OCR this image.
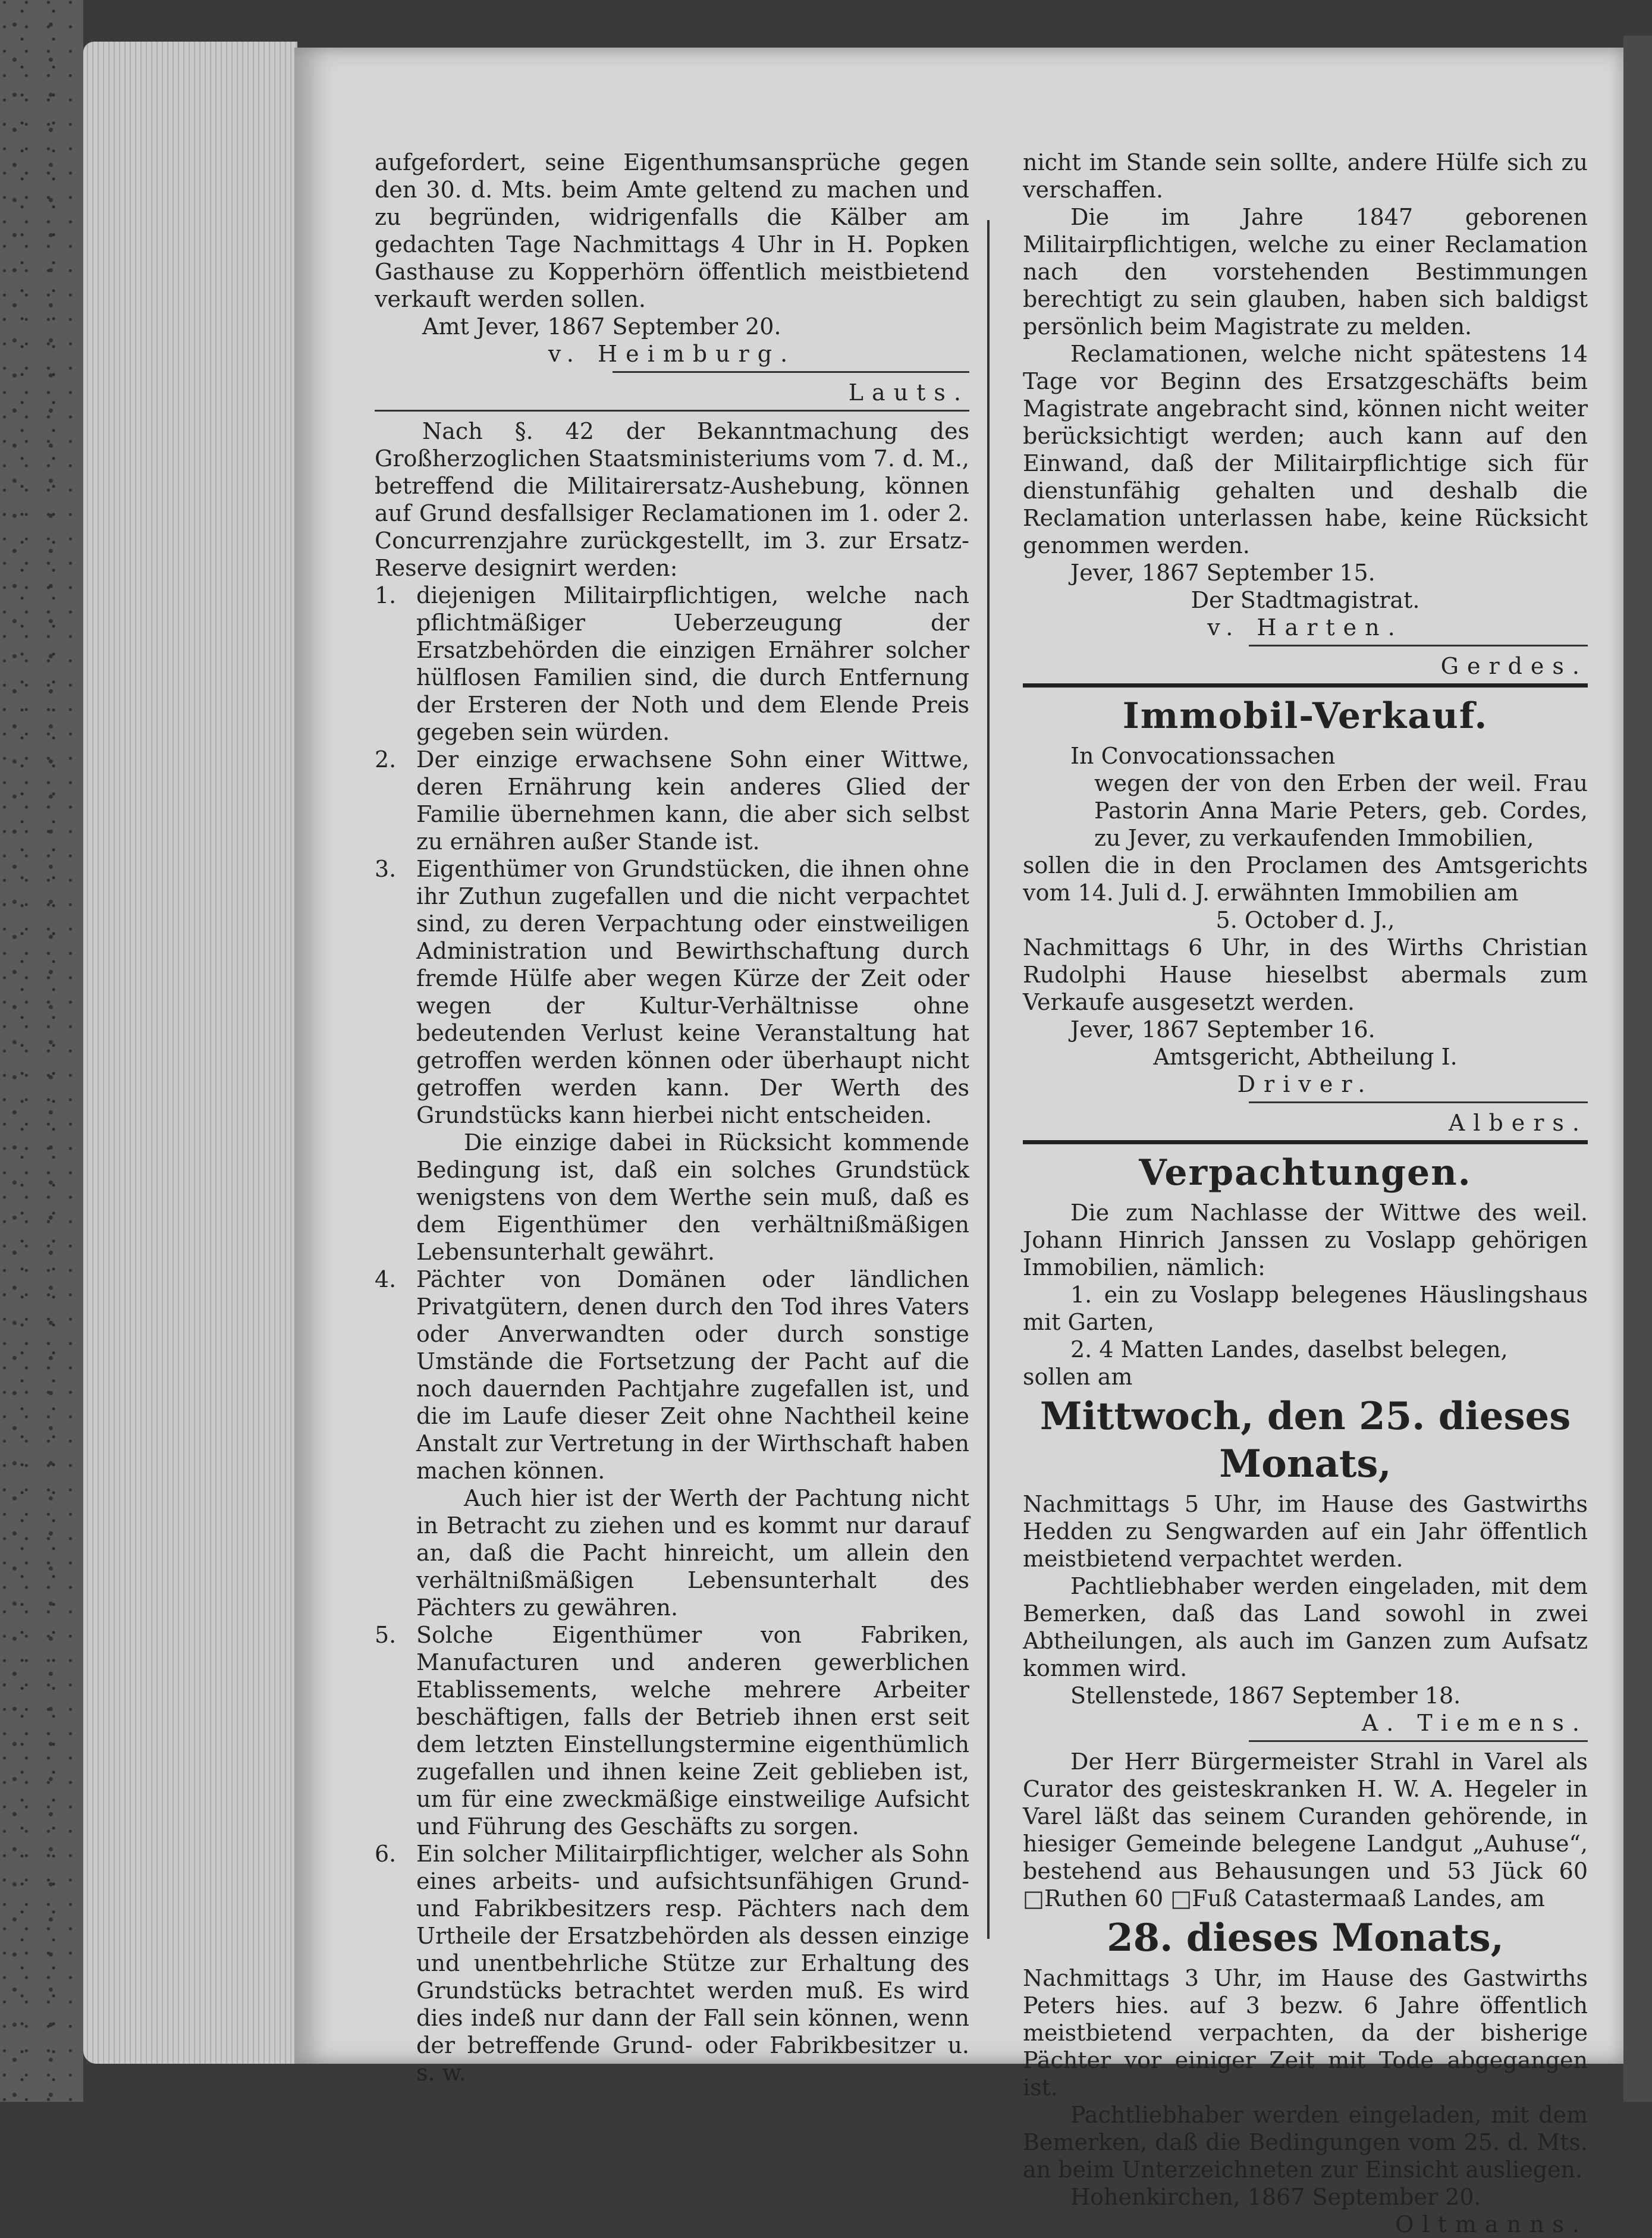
aufgefordert, seine Eigenthumsansprüche gegen den 30. d. Mts. beim Amte geltend zu machen und zu begründen, widrigenfalls die Kälber am gedachten Tage Nachmittags 4 Uhr in H. Popken Gasthause zu Kopperhörn öffentlich meistbietend verkauft werden sollen.

Amt Jever, 1867 September 20.

v. Heimburg.

Lauts.

Nach §. 42 der Bekanntmachung des Großherzoglichen Staatsministeriums vom 7. d. M., betreffend die Militairersatz-Aushebung, können auf Grund desfallsiger Reclamationen im 1. oder 2. Concurrenzjahre zurückgestellt, im 3. zur Ersatz-Reserve designirt werden:

1. diejenigen Militairpflichtigen, welche nach pflichtmäßiger Ueberzeugung der Ersatzbehörden die einzigen Ernährer solcher hülflosen Familien sind, die durch Entfernung der Ersteren der Noth und dem Elende Preis gegeben sein würden.
2. Der einzige erwachsene Sohn einer Wittwe, deren Ernährung kein anderes Glied der Familie übernehmen kann, die aber sich selbst zu ernähren außer Stande ist.
3. Eigenthümer von Grundstücken, die ihnen ohne ihr Zuthun zugefallen und die nicht verpachtet sind, zu deren Verpachtung oder einstweiligen Administration und Bewirthschaftung durch fremde Hülfe aber wegen Kürze der Zeit oder wegen der Kultur-Verhältnisse ohne bedeutenden Verlust keine Veranstaltung hat getroffen werden können oder überhaupt nicht getroffen werden kann. Der Werth des Grundstücks kann hierbei nicht entscheiden.
Die einzige dabei in Rücksicht kommende Bedingung ist, daß ein solches Grundstück wenigstens von dem Werthe sein muß, daß es dem Eigenthümer den verhältnißmäßigen Lebensunterhalt gewährt.
4. Pächter von Domänen oder ländlichen Privatgütern, denen durch den Tod ihres Vaters oder Anverwandten oder durch sonstige Umstände die Fortsetzung der Pacht auf die noch dauernden Pachtjahre zugefallen ist, und die im Laufe dieser Zeit ohne Nachtheil keine Anstalt zur Vertretung in der Wirthschaft haben machen können.
Auch hier ist der Werth der Pachtung nicht in Betracht zu ziehen und es kommt nur darauf an, daß die Pacht hinreicht, um allein den verhältnißmäßigen Lebensunterhalt des Pächters zu gewähren.
5. Solche Eigenthümer von Fabriken, Manufacturen und anderen gewerblichen Etablissements, welche mehrere Arbeiter beschäftigen, falls der Betrieb ihnen erst seit dem letzten Einstellungstermine eigenthümlich zugefallen und ihnen keine Zeit geblieben ist, um für eine zweckmäßige einstweilige Aufsicht und Führung des Geschäfts zu sorgen.
6. Ein solcher Militairpflichtiger, welcher als Sohn eines arbeits- und aufsichtsunfähigen Grund- und Fabrikbesitzers resp. Pächters nach dem Urtheile der Ersatzbehörden als dessen einzige und unentbehrliche Stütze zur Erhaltung des Grundstücks betrachtet werden muß. Es wird dies indeß nur dann der Fall sein können, wenn der betreffende Grund- oder Fabrikbesitzer u. s. w.

nicht im Stande sein sollte, andere Hülfe sich zu verschaffen.

Die im Jahre 1847 geborenen Militairpflichtigen, welche zu einer Reclamation nach den vorstehenden Bestimmungen berechtigt zu sein glauben, haben sich baldigst persönlich beim Magistrate zu melden.

Reclamationen, welche nicht spätestens 14 Tage vor Beginn des Ersatzgeschäfts beim Magistrate angebracht sind, können nicht weiter berücksichtigt werden; auch kann auf den Einwand, daß der Militairpflichtige sich für dienstunfähig gehalten und deshalb die Reclamation unterlassen habe, keine Rücksicht genommen werden.

Jever, 1867 September 15.

Der Stadtmagistrat.

v. Harten.

Gerdes.

Immobil-Verkauf.

In Convocationssachen

wegen der von den Erben der weil. Frau Pastorin Anna Marie Peters, geb. Cordes, zu Jever, zu verkaufenden Immobilien,

sollen die in den Proclamen des Amtsgerichts vom 14. Juli d. J. erwähnten Immobilien am

5. October d. J.,

Nachmittags 6 Uhr, in des Wirths Christian Rudolphi Hause hieselbst abermals zum Verkaufe ausgesetzt werden.

Jever, 1867 September 16.

Amtsgericht, Abtheilung I.

Driver.

Albers.

Verpachtungen.

Die zum Nachlasse der Wittwe des weil. Johann Hinrich Janssen zu Voslapp gehörigen Immobilien, nämlich:

1. ein zu Voslapp belegenes Häuslingshaus mit Garten,

2. 4 Matten Landes, daselbst belegen,

sollen am

Mittwoch, den 25. dieses Monats,

Nachmittags 5 Uhr, im Hause des Gastwirths Hedden zu Sengwarden auf ein Jahr öffentlich meistbietend verpachtet werden.

Pachtliebhaber werden eingeladen, mit dem Bemerken, daß das Land sowohl in zwei Abtheilungen, als auch im Ganzen zum Aufsatz kommen wird.

Stellenstede, 1867 September 18.

A. Tiemens.

Der Herr Bürgermeister Strahl in Varel als Curator des geisteskranken H. W. A. Hegeler in Varel läßt das seinem Curanden gehörende, in hiesiger Gemeinde belegene Landgut „Auhuse“, bestehend aus Behausungen und 53 Jück 60 □Ruthen 60 □Fuß Catastermaaß Landes, am

28. dieses Monats,

Nachmittags 3 Uhr, im Hause des Gastwirths Peters hies. auf 3 bezw. 6 Jahre öffentlich meistbietend verpachten, da der bisherige Pächter vor einiger Zeit mit Tode abgegangen ist.

Pachtliebhaber werden eingeladen, mit dem Bemerken, daß die Bedingungen vom 25. d. Mts. an beim Unterzeichneten zur Einsicht ausliegen.

Hohenkirchen, 1867 September 20.

Oltmanns.
